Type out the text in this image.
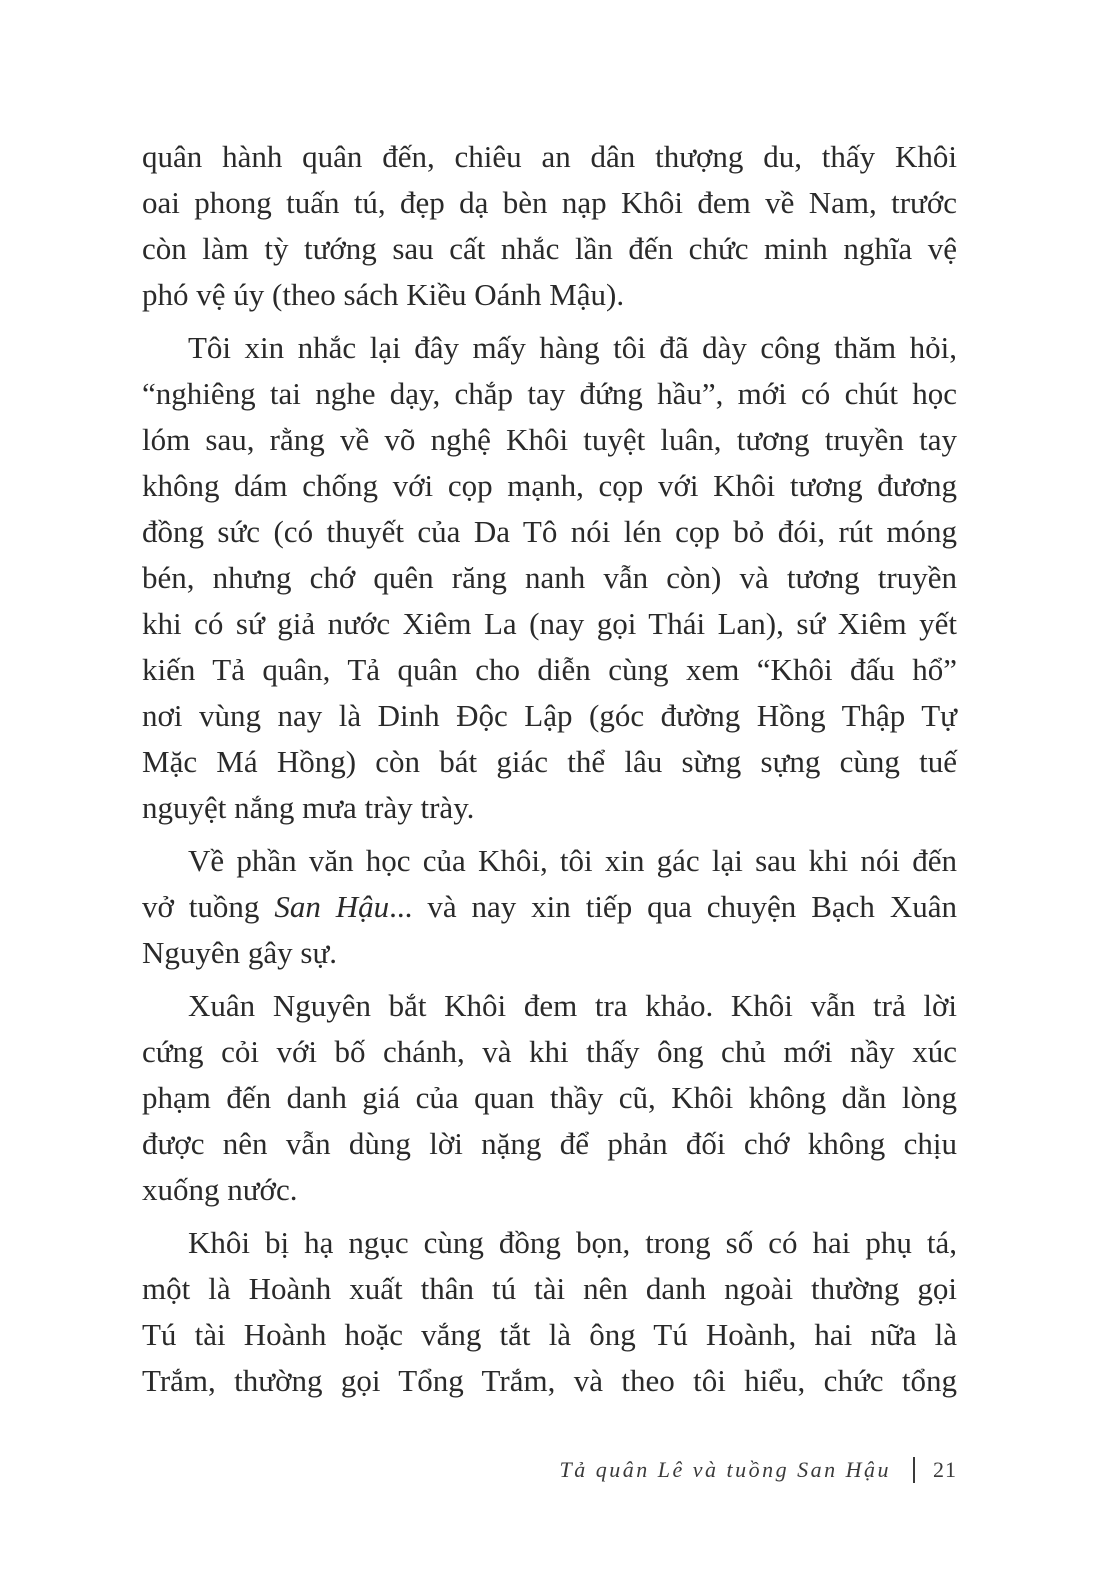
quân hành quân đến, chiêu an dân thượng du, thấy Khôi
oai phong tuấn tú, đẹp dạ bèn nạp Khôi đem về Nam, trước
còn làm tỳ tướng sau cất nhắc lần đến chức minh nghĩa vệ
phó vệ úy (theo sách Kiều Oánh Mậu).
Tôi xin nhắc lại đây mấy hàng tôi đã dày công thăm hỏi,
“nghiêng tai nghe dạy, chắp tay đứng hầu”, mới có chút học
lóm sau, rằng về võ nghệ Khôi tuyệt luân, tương truyền tay
không dám chống với cọp mạnh, cọp với Khôi tương đương
đồng sức (có thuyết của Da Tô nói lén cọp bỏ đói, rút móng
bén, nhưng chớ quên răng nanh vẫn còn) và tương truyền
khi có sứ giả nước Xiêm La (nay gọi Thái Lan), sứ Xiêm yết
kiến Tả quân, Tả quân cho diễn cùng xem “Khôi đấu hổ”
nơi vùng nay là Dinh Độc Lập (góc đường Hồng Thập Tự
Mặc Má Hồng) còn bát giác thể lâu sừng sựng cùng tuế
nguyệt nắng mưa trày trày.
Về phần văn học của Khôi, tôi xin gác lại sau khi nói đến
vở tuồng San Hậu... và nay xin tiếp qua chuyện Bạch Xuân
Nguyên gây sự.
Xuân Nguyên bắt Khôi đem tra khảo. Khôi vẫn trả lời
cứng cỏi với bố chánh, và khi thấy ông chủ mới nầy xúc
phạm đến danh giá của quan thầy cũ, Khôi không dằn lòng
được nên vẫn dùng lời nặng để phản đối chớ không chịu
xuống nước.
Khôi bị hạ ngục cùng đồng bọn, trong số có hai phụ tá,
một là Hoành xuất thân tú tài nên danh ngoài thường gọi
Tú tài Hoành hoặc vắng tắt là ông Tú Hoành, hai nữa là
Trắm, thường gọi Tổng Trắm, và theo tôi hiểu, chức tổng
Tả quân Lê và tuồng San Hậu 21
